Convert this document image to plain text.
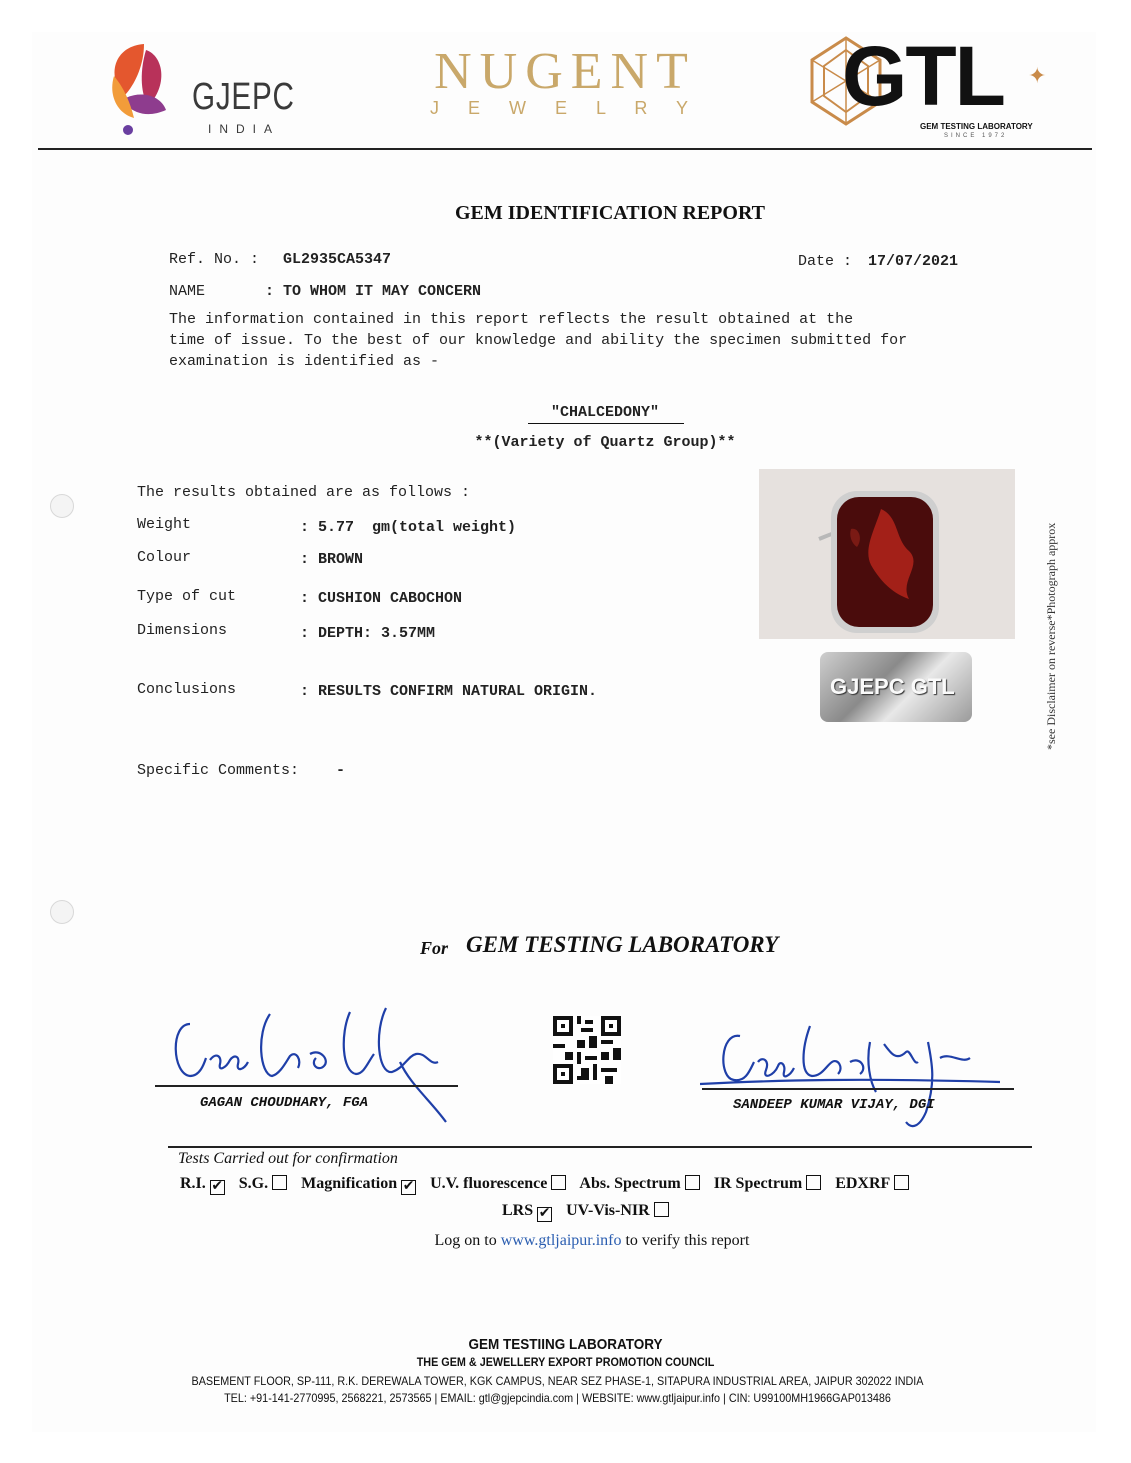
GJEPC
INDIA
NUGENT
J E W E L R Y GTL ✦
GEM TESTING LABORATORY
SINCE 1972
GEM IDENTIFICATION REPORT
Ref. No. : GL2935CA5347	Date : 17/07/2021
NAME	: TO WHOM IT MAY CONCERN
The information contained in this report reflects the result obtained at the
time of issue. To the best of our knowledge and ability the specimen submitted for
examination is identified as -
"CHALCEDONY"
**(Variety of Quartz Group)**
The results obtained are as follows :
Weight	: 5.77  gm(total weight)
Colour	: BROWN
Type of cut	: CUSHION CABOCHON
Dimensions	: DEPTH: 3.57MM
Conclusions	: RESULTS CONFIRM NATURAL ORIGIN.
Specific Comments: -
GJEPC GTL	*see Disclaimer on reverse*Photograph approx
For GEM TESTING LABORATORY
GAGAN CHOUDHARY, FGA	SANDEEP KUMAR VIJAY, DGI
Tests Carried out for confirmation
R.I. ✔ S.G. Magnification ✔ U.V. fluorescence Abs. Spectrum IR Spectrum EDXRF
LRS ✔ UV-Vis-NIR
Log on to www.gtljaipur.info to verify this report
GEM TESTIING LABORATORY
THE GEM & JEWELLERY EXPORT PROMOTION COUNCIL
BASEMENT FLOOR, SP-111, R.K. DEREWALA TOWER, KGK CAMPUS, NEAR SEZ PHASE-1, SITAPURA INDUSTRIAL AREA, JAIPUR 302022 INDIA
TEL: +91-141-2770995, 2568221, 2573565 | EMAIL: gtl@gjepcindia.com | WEBSITE: www.gtljaipur.info | CIN: U99100MH1966GAP013486
